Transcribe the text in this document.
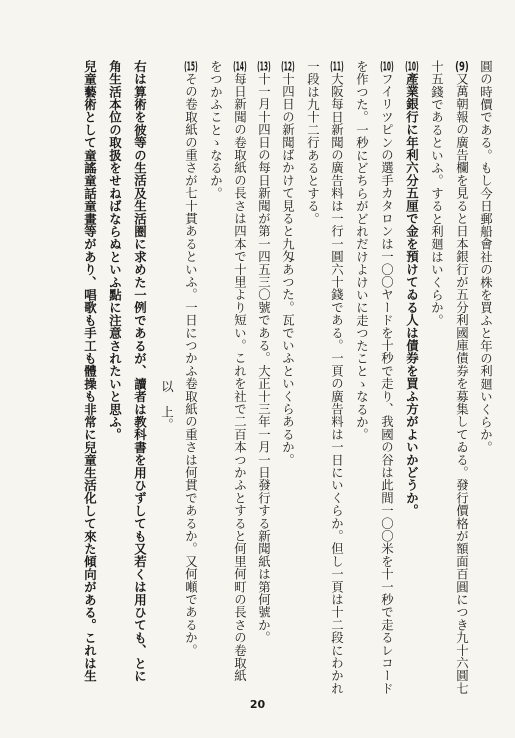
圓の時價である。もし今日郵船會社の株を買ふと年の利廻いくらか。
(9)又萬朝報の廣告欄を見ると日本銀行が五分利國庫債券を募集してゐる。發行價格が額面百圓につき九十六圓七
十五錢であるといふ。すると利廻はいくらか。
(10)產業銀行に年利六分五厘で金を預けてゐる人は債券を買ふ方がよいかどうか。
(10)フイリツピンの選手カタロンは一〇〇ヤードを十秒で走り、我國の谷は此間一〇〇米を十一秒で走るレコード
を作つた。一秒にどちらがどれだけよけいに走つたことゝなるか。
(11)大阪每日新聞の廣告料は一行一圓六十錢である。一頁の廣告料は一日にいくらか。但し一頁は十二段にわかれ
一段は九十二行あるとする。
(12)十四日の新聞ばかけて見ると九匁あつた。瓦でいふといくらあるか。
(13)十一月十四日の每日新聞が第一四五三〇號である。大正十三年一月一日發行する新聞紙は第何號か。
(14)每日新聞の卷取紙の長さは四本で十里より短い。これを社で二百本つかふとすると何里何町の長さの卷取紙
をつかふことゝなるか。
(15)その卷取紙の重さが七十貫あるといふ。一日につかふ卷取紙の重さは何貫であるか。又何噸であるか。
以　上。
右は算術を彼等の生活及生活圏に求めた一例であるが、讀者は教科書を用ひずしても又若くは用ひても、とに
角生活本位の取扱をせねばならぬといふ點に注意されたいと思ふ。
兒童藝術として童謠童話童畫等があり、唱歌も手工も體操も非常に兒童生活化して來た傾向がある。これは生
20
